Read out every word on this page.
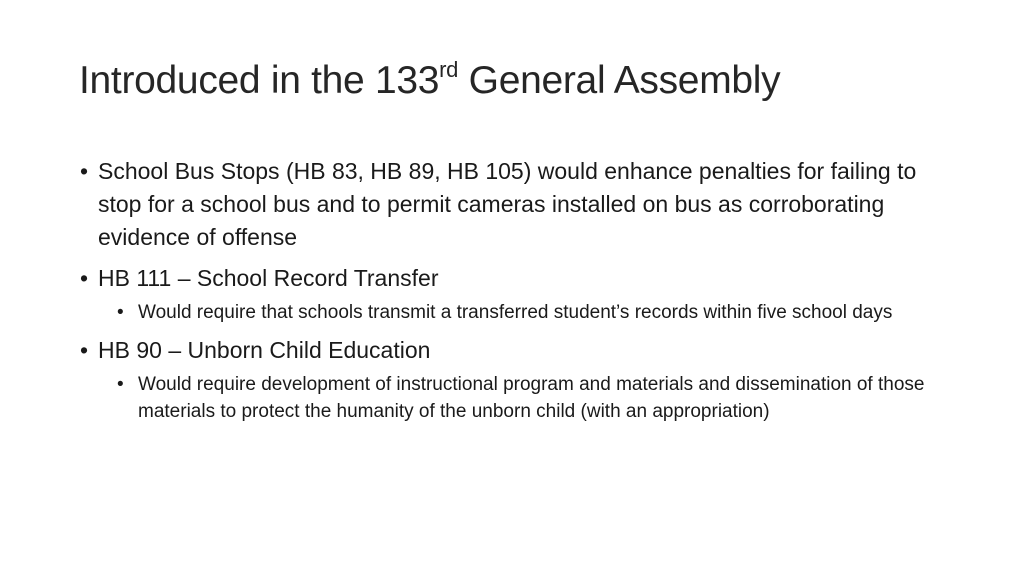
Introduced in the 133rd General Assembly
• School Bus Stops (HB 83, HB 89, HB 105) would enhance penalties for failing to stop for a school bus and to permit cameras installed on bus as corroborating evidence of offense
• HB 111 – School Record Transfer
• Would require that schools transmit a transferred student’s records within five school days
• HB 90 – Unborn Child Education
• Would require development of instructional program and materials and dissemination of those materials to protect the humanity of the unborn child (with an appropriation)
